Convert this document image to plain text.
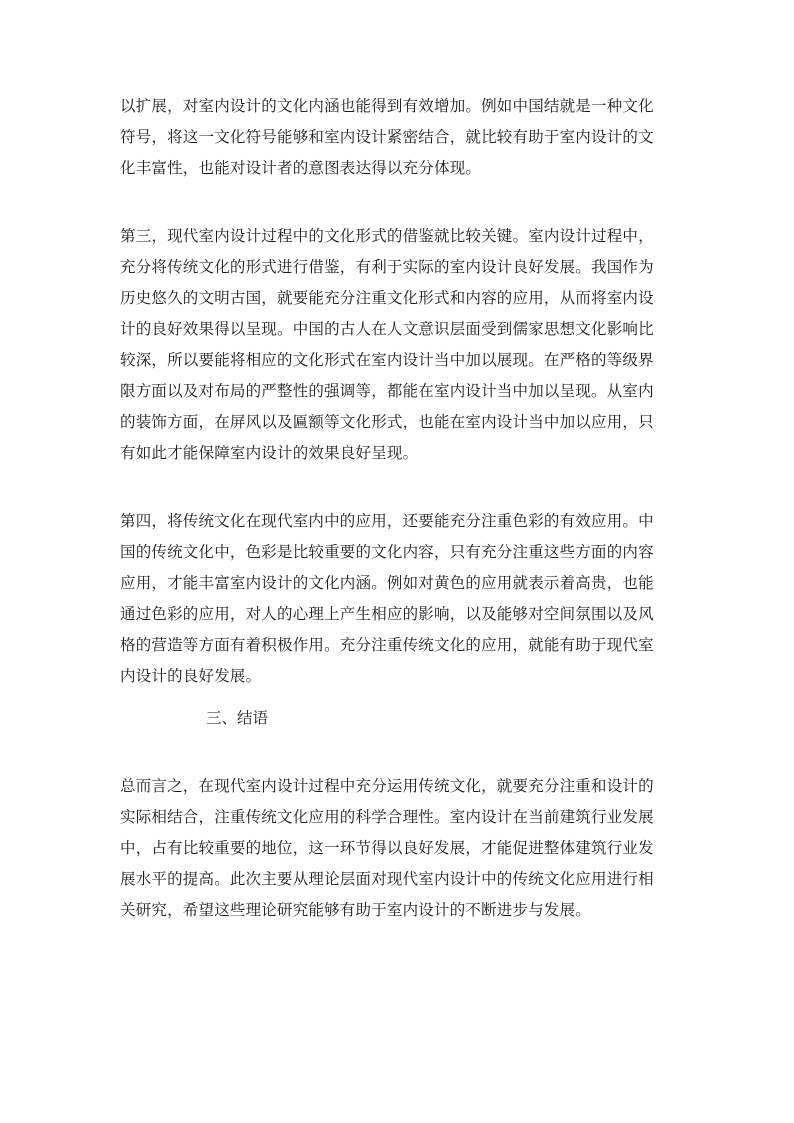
以扩展，对室内设计的文化内涵也能得到有效增加。例如中国结就是一种文化
符号，将这一文化符号能够和室内设计紧密结合，就比较有助于室内设计的文
化丰富性，也能对设计者的意图表达得以充分体现。
第三，现代室内设计过程中的文化形式的借鉴就比较关键。室内设计过程中，
充分将传统文化的形式进行借鉴，有利于实际的室内设计良好发展。我国作为
历史悠久的文明古国，就要能充分注重文化形式和内容的应用，从而将室内设
计的良好效果得以呈现。中国的古人在人文意识层面受到儒家思想文化影响比
较深，所以要能将相应的文化形式在室内设计当中加以展现。在严格的等级界
限方面以及对布局的严整性的强调等，都能在室内设计当中加以呈现。从室内
的装饰方面，在屏风以及匾额等文化形式，也能在室内设计当中加以应用，只
有如此才能保障室内设计的效果良好呈现。
第四，将传统文化在现代室内中的应用，还要能充分注重色彩的有效应用。中
国的传统文化中，色彩是比较重要的文化内容，只有充分注重这些方面的内容
应用，才能丰富室内设计的文化内涵。例如对黄色的应用就表示着高贵，也能
通过色彩的应用，对人的心理上产生相应的影响，以及能够对空间氛围以及风
格的营造等方面有着积极作用。充分注重传统文化的应用，就能有助于现代室
内设计的良好发展。
三、结语
总而言之，在现代室内设计过程中充分运用传统文化，就要充分注重和设计的
实际相结合，注重传统文化应用的科学合理性。室内设计在当前建筑行业发展
中，占有比较重要的地位，这一环节得以良好发展，才能促进整体建筑行业发
展水平的提高。此次主要从理论层面对现代室内设计中的传统文化应用进行相
关研究，希望这些理论研究能够有助于室内设计的不断进步与发展。
